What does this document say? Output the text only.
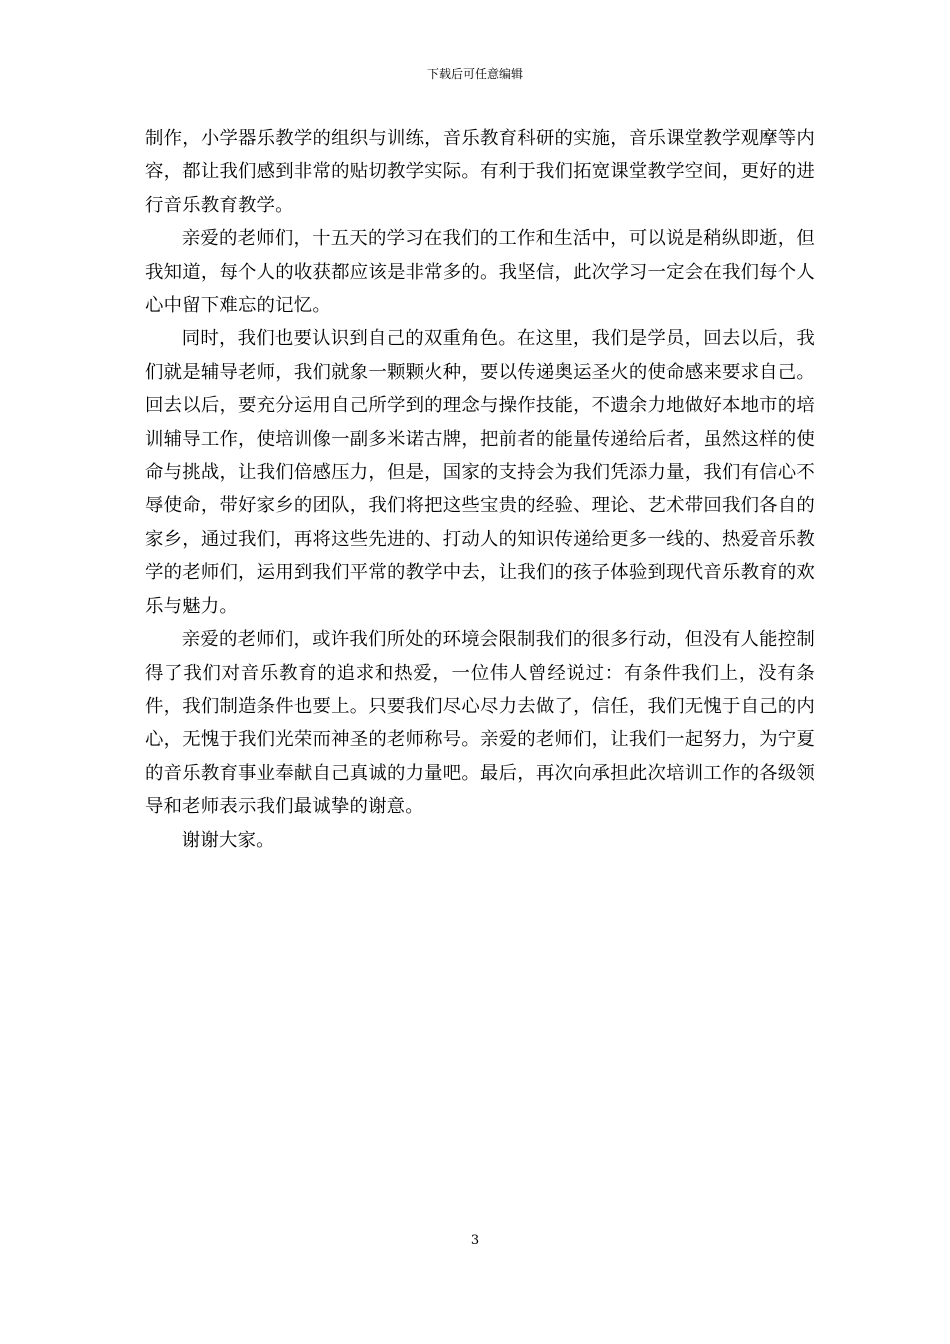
下载后可任意编辑

制作，小学器乐教学的组织与训练，音乐教育科研的实施，音乐课堂教学观摩等内容，都让我们感到非常的贴切教学实际。有利于我们拓宽课堂教学空间，更好的进行音乐教育教学。

亲爱的老师们，十五天的学习在我们的工作和生活中，可以说是稍纵即逝，但我知道，每个人的收获都应该是非常多的。我坚信，此次学习一定会在我们每个人心中留下难忘的记忆。

同时，我们也要认识到自己的双重角色。在这里，我们是学员，回去以后，我们就是辅导老师，我们就象一颗颗火种，要以传递奥运圣火的使命感来要求自己。回去以后，要充分运用自己所学到的理念与操作技能，不遗余力地做好本地市的培训辅导工作，使培训像一副多米诺古牌，把前者的能量传递给后者，虽然这样的使命与挑战，让我们倍感压力，但是，国家的支持会为我们凭添力量，我们有信心不辱使命，带好家乡的团队，我们将把这些宝贵的经验、理论、艺术带回我们各自的家乡，通过我们，再将这些先进的、打动人的知识传递给更多一线的、热爱音乐教学的老师们，运用到我们平常的教学中去，让我们的孩子体验到现代音乐教育的欢乐与魅力。

亲爱的老师们，或许我们所处的环境会限制我们的很多行动，但没有人能控制得了我们对音乐教育的追求和热爱，一位伟人曾经说过：有条件我们上，没有条件，我们制造条件也要上。只要我们尽心尽力去做了，信任，我们无愧于自己的内心，无愧于我们光荣而神圣的老师称号。亲爱的老师们，让我们一起努力，为宁夏的音乐教育事业奉献自己真诚的力量吧。最后，再次向承担此次培训工作的各级领导和老师表示我们最诚挚的谢意。

谢谢大家。

3
